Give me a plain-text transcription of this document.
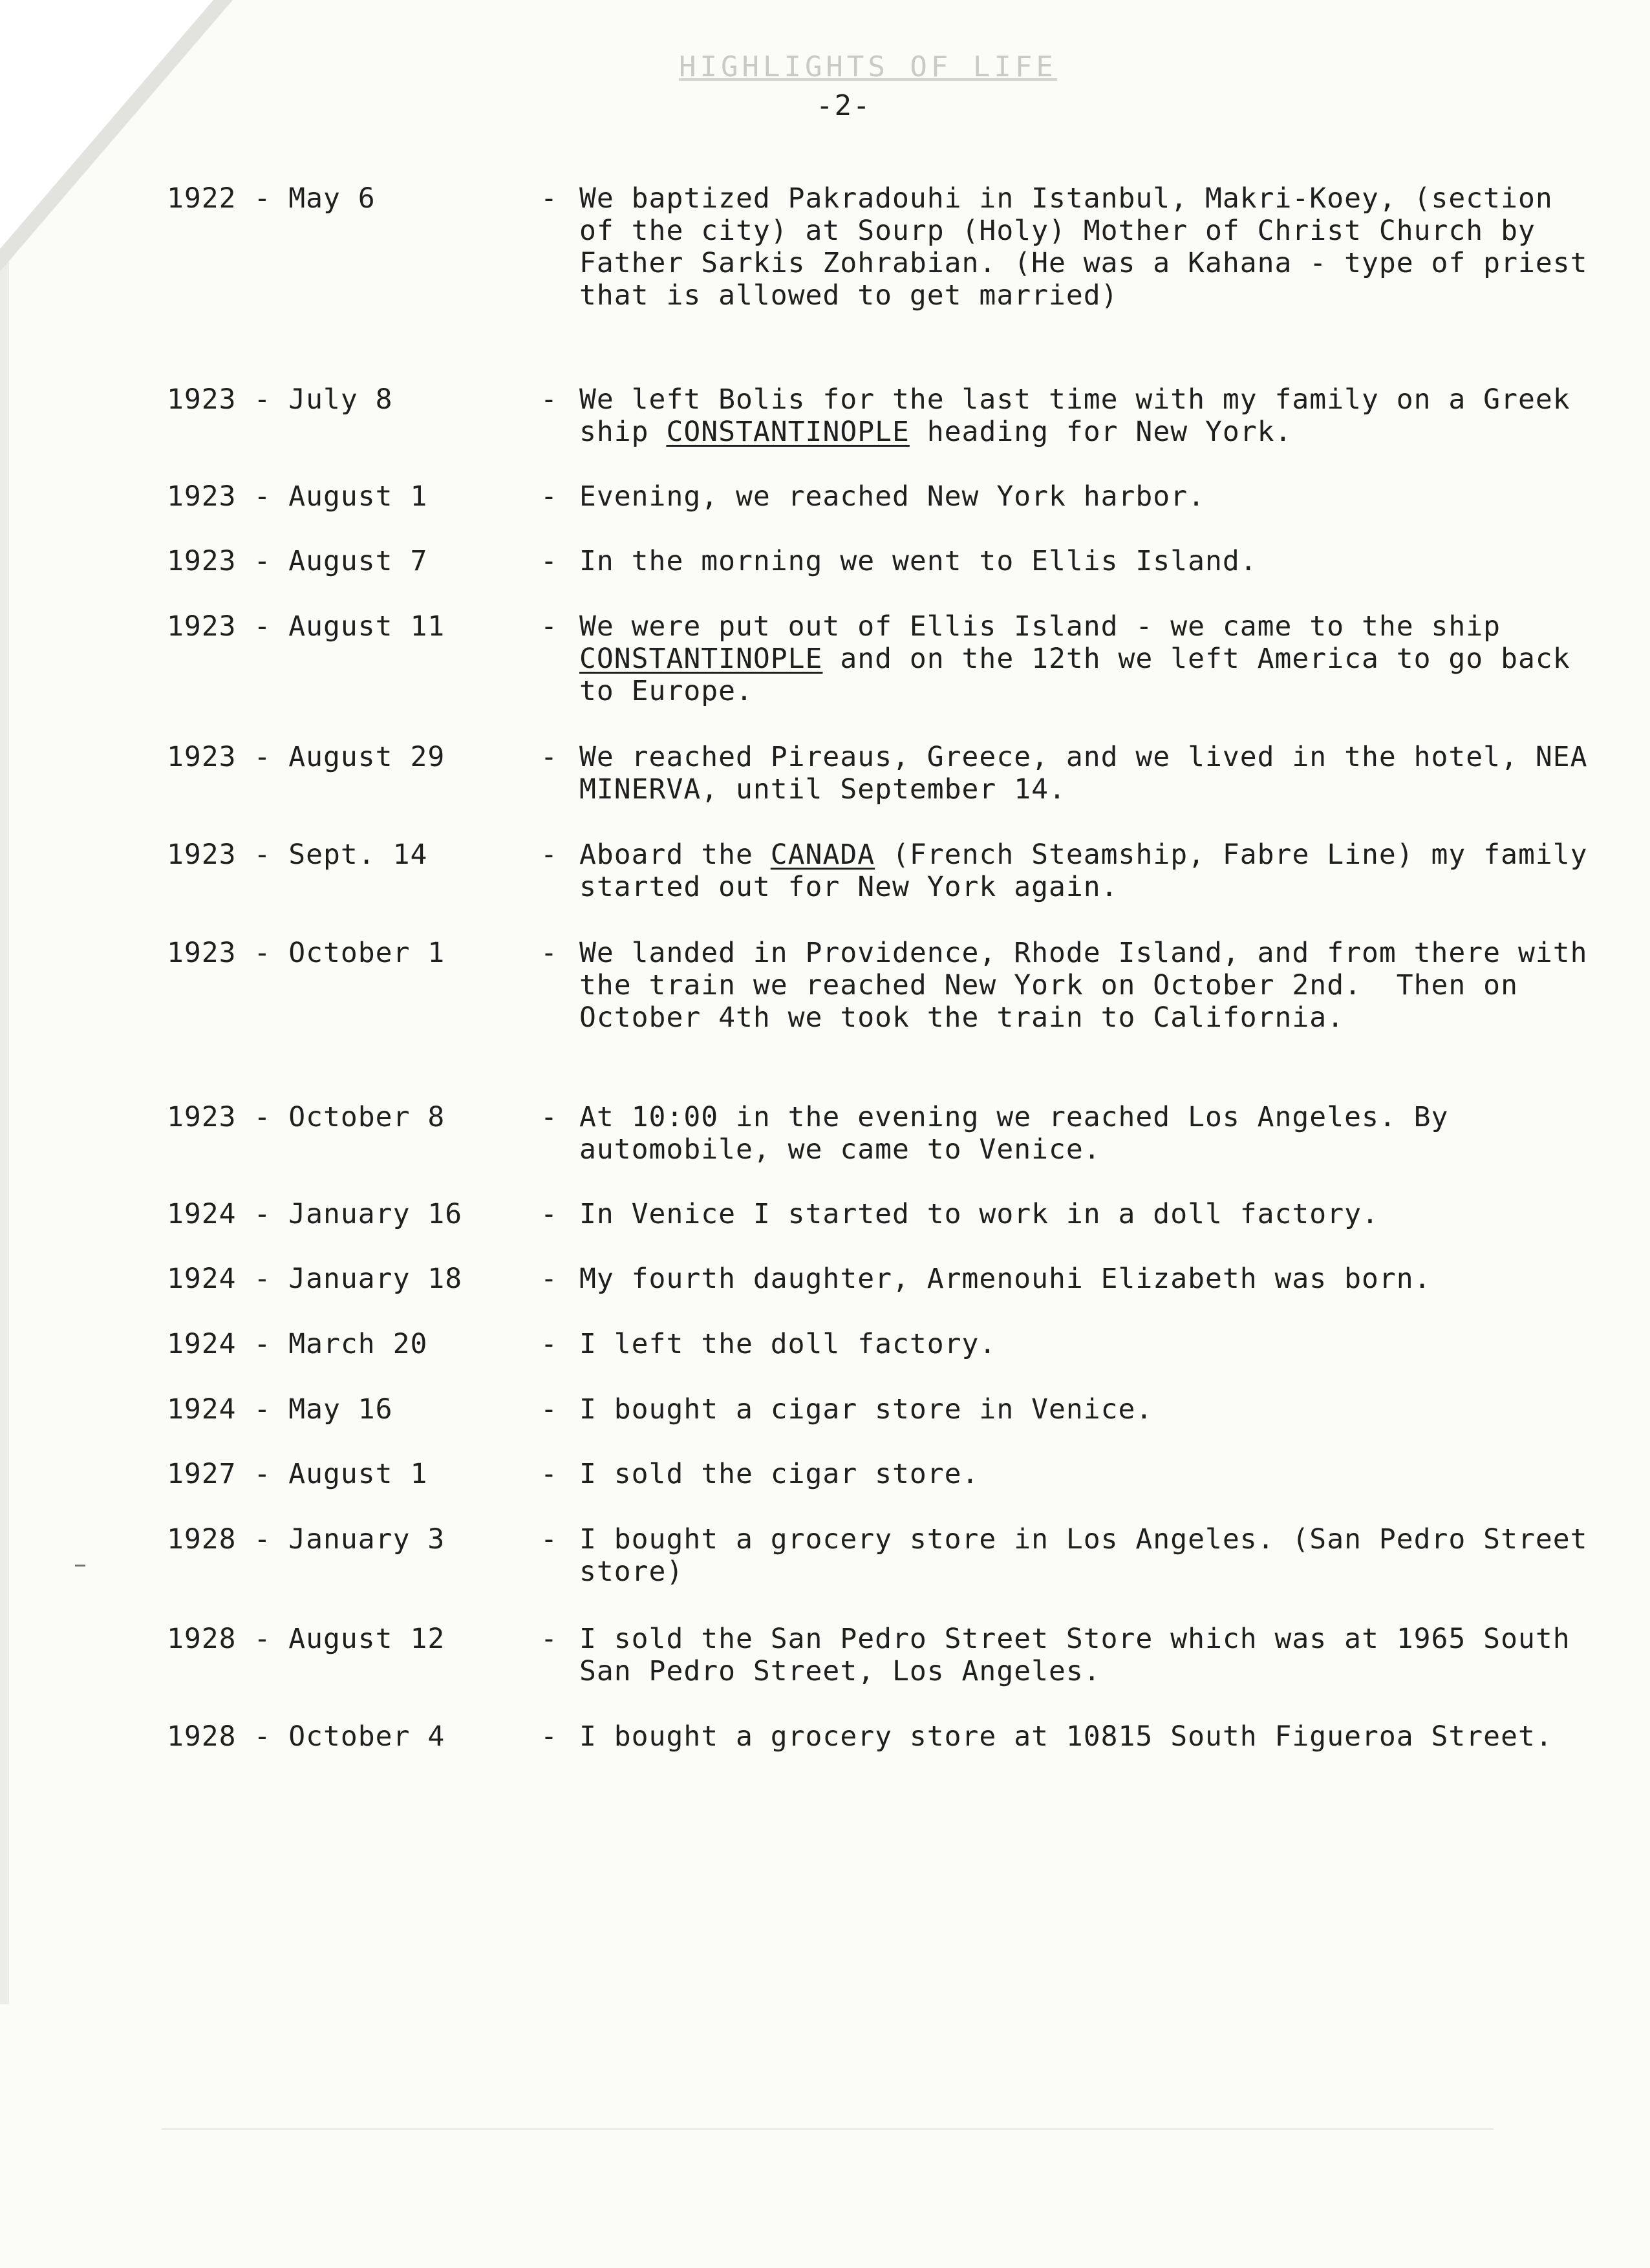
HIGHLIGHTS OF LIFE
-2-
1922 - May 6	- We baptized Pakradouhi in Istanbul, Makri-Koey, (section of the city) at Sourp (Holy) Mother of Christ Church by Father Sarkis Zohrabian. (He was a Kahana - type of priest that is allowed to get married)
1923 - July 8	- We left Bolis for the last time with my family on a Greek ship CONSTANTINOPLE heading for New York.
1923 - August 1	- Evening, we reached New York harbor.
1923 - August 7	- In the morning we went to Ellis Island.
1923 - August 11	- We were put out of Ellis Island - we came to the ship CONSTANTINOPLE and on the 12th we left America to go back to Europe.
1923 - August 29	- We reached Pireaus, Greece, and we lived in the hotel, NEA MINERVA, until September 14.
1923 - Sept. 14	- Aboard the CANADA (French Steamship, Fabre Line) my family started out for New York again.
1923 - October 1	- We landed in Providence, Rhode Island, and from there with the train we reached New York on October 2nd.  Then on October 4th we took the train to California.
1923 - October 8	- At 10:00 in the evening we reached Los Angeles. By automobile, we came to Venice.
1924 - January 16	- In Venice I started to work in a doll factory.
1924 - January 18	- My fourth daughter, Armenouhi Elizabeth was born.
1924 - March 20	- I left the doll factory.
1924 - May 16	- I bought a cigar store in Venice.
1927 - August 1	- I sold the cigar store.
1928 - January 3	- I bought a grocery store in Los Angeles. (San Pedro Street store)
1928 - August 12	- I sold the San Pedro Street Store which was at 1965 South San Pedro Street, Los Angeles.
1928 - October 4	- I bought a grocery store at 10815 South Figueroa Street.
